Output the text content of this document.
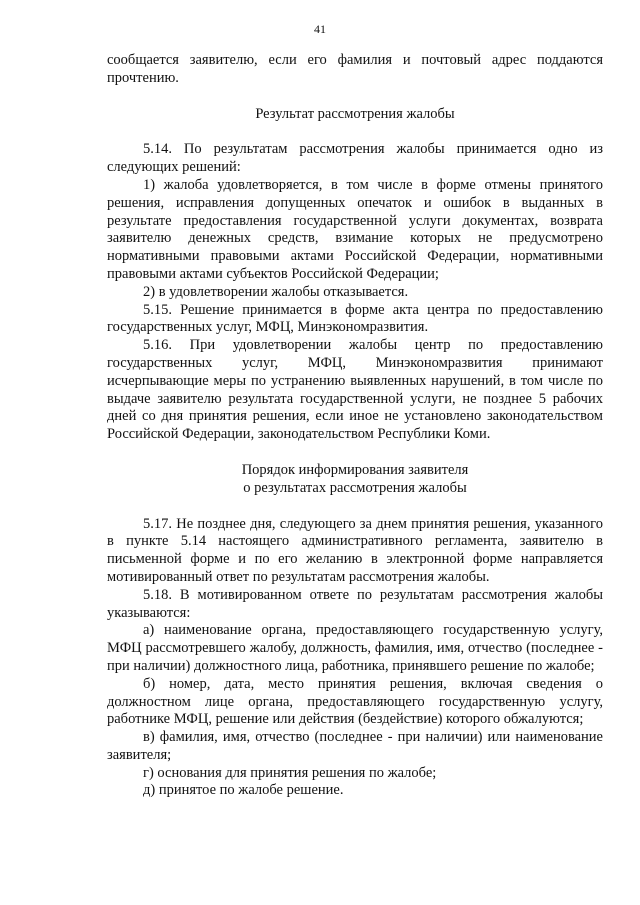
41

сообщается заявителю, если его фамилия и почтовый адрес поддаются прочтению.

Результат рассмотрения жалобы

5.14. По результатам рассмотрения жалобы принимается одно из следующих решений:

1) жалоба удовлетворяется, в том числе в форме отмены принятого решения, исправления допущенных опечаток и ошибок в выданных в результате предоставления государственной услуги документах, возврата заявителю денежных средств, взимание которых не предусмотрено нормативными правовыми актами Российской Федерации, нормативными правовыми актами субъектов Российской Федерации;

2) в удовлетворении жалобы отказывается.

5.15. Решение принимается в форме акта центра по предоставлению государственных услуг, МФЦ, Минэкономразвития.

5.16. При удовлетворении жалобы центр по предоставлению государственных услуг, МФЦ, Минэкономразвития принимают исчерпывающие меры по устранению выявленных нарушений, в том числе по выдаче заявителю результата государственной услуги, не позднее 5 рабочих дней со дня принятия решения, если иное не установлено законодательством Российской Федерации, законодательством Республики Коми.

Порядок информирования заявителя

о результатах рассмотрения жалобы

5.17. Не позднее дня, следующего за днем принятия решения, указанного в пункте 5.14 настоящего административного регламента, заявителю в письменной форме и по его желанию в электронной форме направляется мотивированный ответ по результатам рассмотрения жалобы.

5.18. В мотивированном ответе по результатам рассмотрения жалобы указываются:

а) наименование органа, предоставляющего государственную услугу, МФЦ рассмотревшего жалобу, должность, фамилия, имя, отчество (последнее - при наличии) должностного лица, работника, принявшего решение по жалобе;

б) номер, дата, место принятия решения, включая сведения о должностном лице органа, предоставляющего государственную услугу, работнике МФЦ, решение или действия (бездействие) которого обжалуются;

в) фамилия, имя, отчество (последнее - при наличии) или наименование заявителя;

г) основания для принятия решения по жалобе;

д) принятое по жалобе решение.
